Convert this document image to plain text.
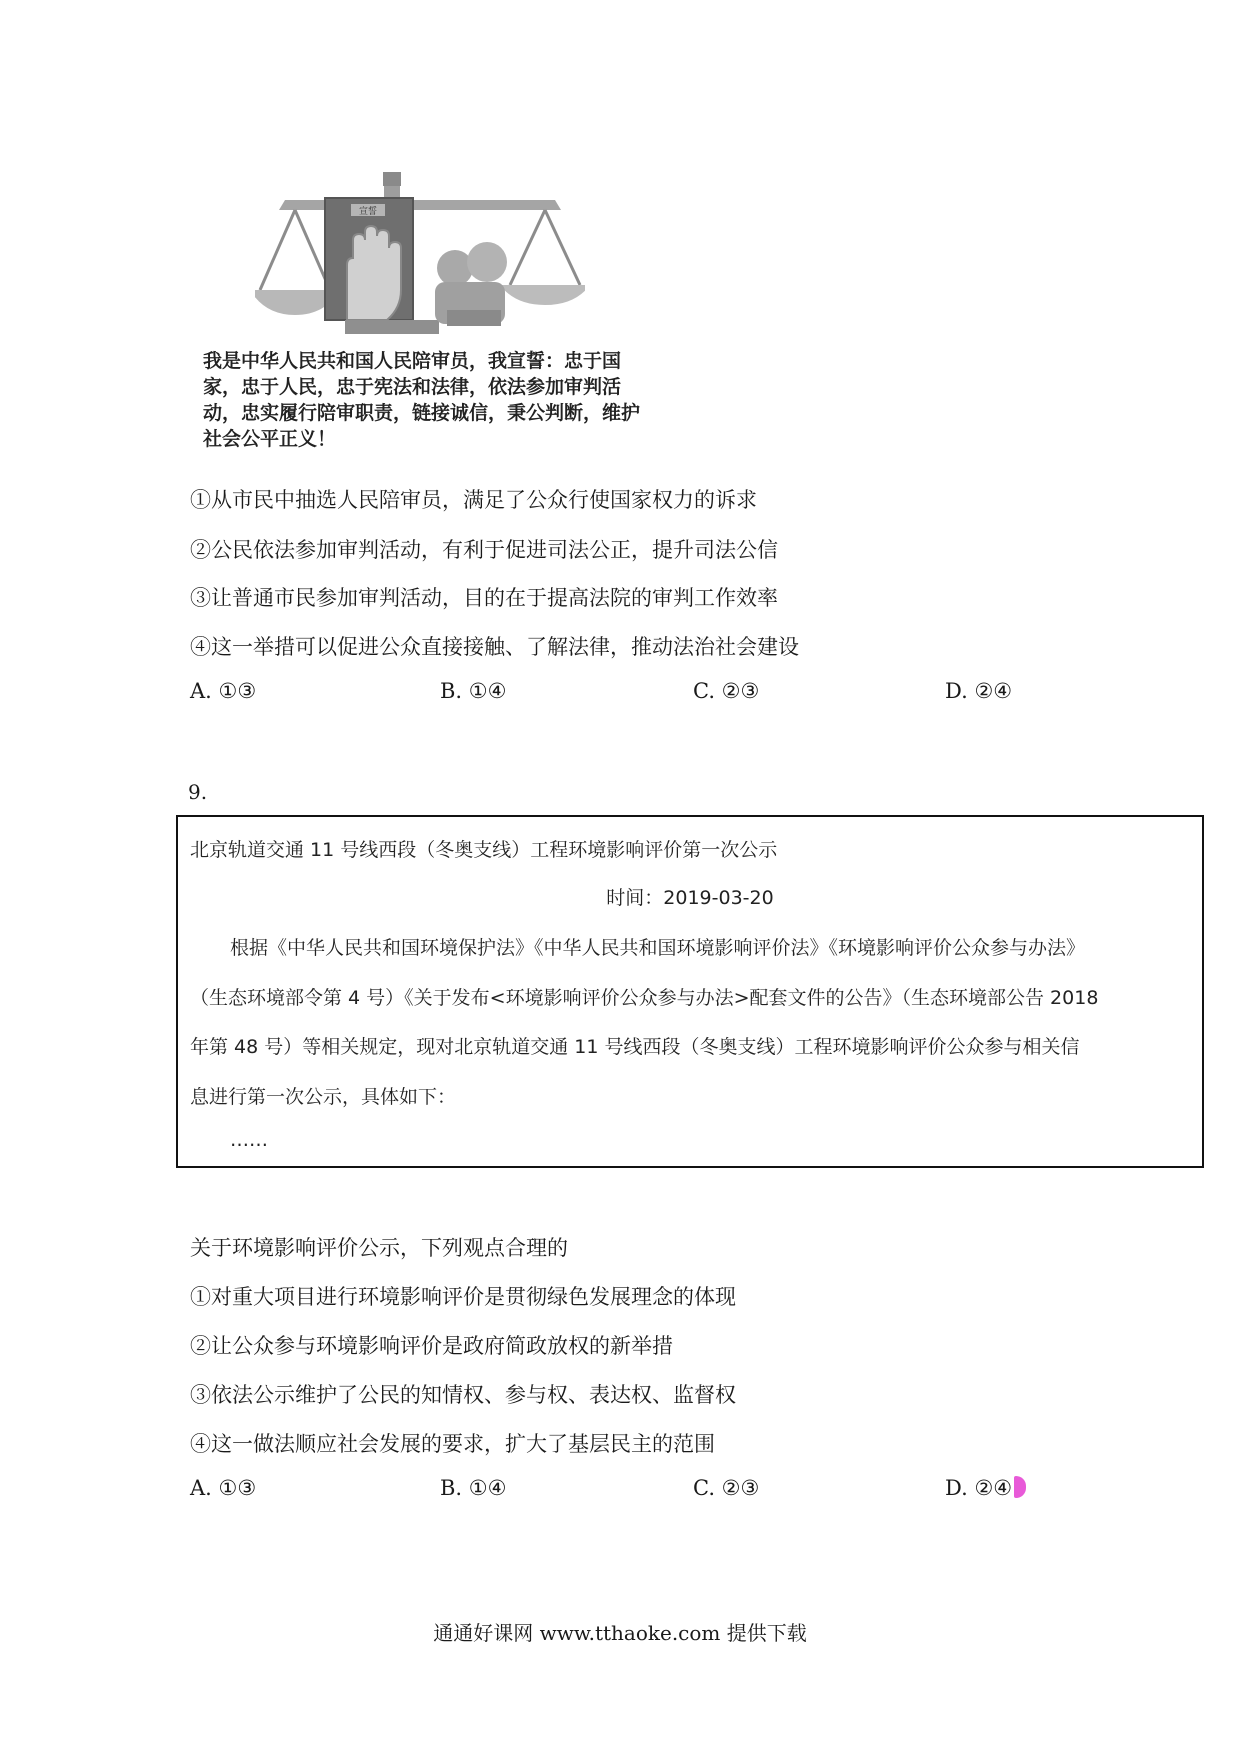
宣誓
我是中华人民共和国人民陪审员，我宣誓：忠于国
家，忠于人民，忠于宪法和法律，依法参加审判活
动，忠实履行陪审职责，链接诚信，秉公判断，维护
社会公平正义！
①从市民中抽选人民陪审员，满足了公众行使国家权力的诉求
②公民依法参加审判活动，有利于促进司法公正，提升司法公信
③让普通市民参加审判活动，目的在于提高法院的审判工作效率
④这一举措可以促进公众直接接触、了解法律，推动法治社会建设
A. ①③	B. ①④	C. ②③	D. ②④
9.
北京轨道交通 11 号线西段（冬奥支线）工程环境影响评价第一次公示
时间：2019-03-20
根据《中华人民共和国环境保护法》《中华人民共和国环境影响评价法》《环境影响评价公众参与办法》
（生态环境部令第 4 号）《关于发布<环境影响评价公众参与办法>配套文件的公告》（生态环境部公告 2018
年第 48 号）等相关规定，现对北京轨道交通 11 号线西段（冬奥支线）工程环境影响评价公众参与相关信
息进行第一次公示，具体如下：
……
关于环境影响评价公示，下列观点合理的
①对重大项目进行环境影响评价是贯彻绿色发展理念的体现
②让公众参与环境影响评价是政府简政放权的新举措
③依法公示维护了公民的知情权、参与权、表达权、监督权
④这一做法顺应社会发展的要求，扩大了基层民主的范围
A. ①③	B. ①④	C. ②③	D. ②④
通通好课网 www.tthaoke.com 提供下载
